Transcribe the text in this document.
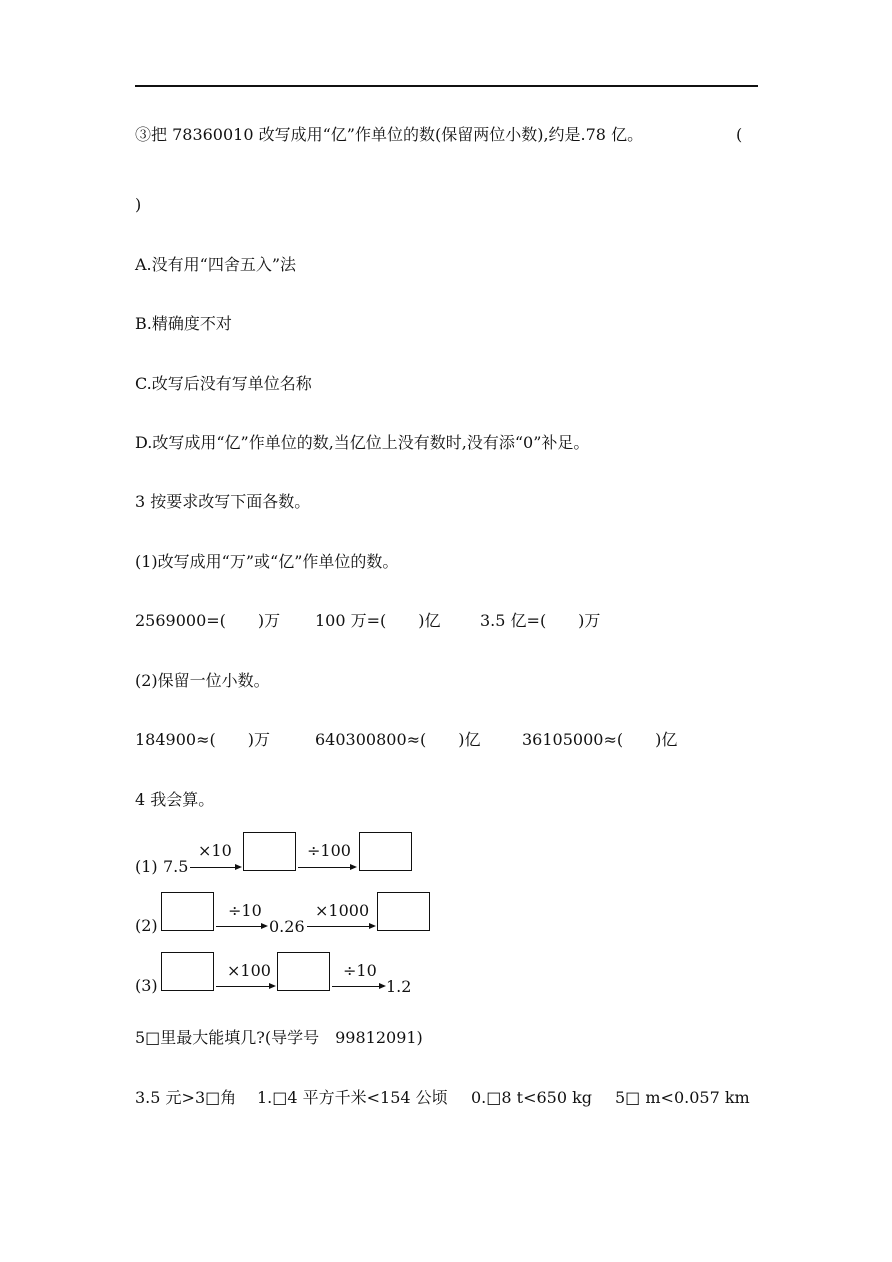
③把 78360010 改写成用“亿”作单位的数(保留两位小数),约是.78 亿。	(
)
A.没有用“四舍五入”法
B.精确度不对
C.改写后没有写单位名称
D.改写成用“亿”作单位的数,当亿位上没有数时,没有添“0”补足。
3 按要求改写下面各数。
(1)改写成用“万”或“亿”作单位的数。
2569000=(　　)万 100 万=(　　)亿 3.5 亿=(　　)万
(2)保留一位小数。
184900≈(　　)万	640300800≈(　　)亿	36105000≈(　　)亿
4 我会算。
(1) 7.5
×10	÷100
(2)
÷10
0.26
×1000
(3)
×100	÷10
1.2
5□里最大能填几?(导学号　99812091)
3.5 元>3□角 1.□4 平方千米<154 公顷 0.□8 t<650 kg 5□ m<0.057 km
